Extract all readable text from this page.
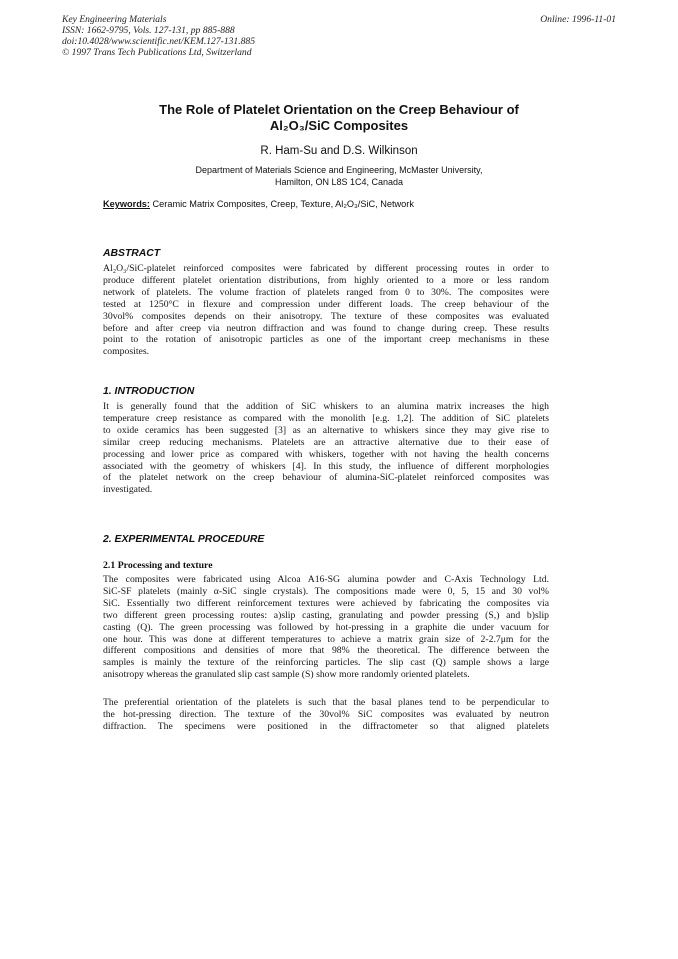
Key Engineering Materials
ISSN: 1662-9795, Vols. 127-131, pp 885-888
doi:10.4028/www.scientific.net/KEM.127-131.885
© 1997 Trans Tech Publications Ltd, Switzerland
Online: 1996-11-01
The Role of Platelet Orientation on the Creep Behaviour of
Al₂O₃/SiC Composites
R. Ham-Su and D.S. Wilkinson
Department of Materials Science and Engineering, McMaster University,
Hamilton, ON L8S 1C4, Canada
Keywords: Ceramic Matrix Composites, Creep, Texture, Al₂O₃/SiC, Network
ABSTRACT
Al₂O₃/SiC-platelet reinforced composites were fabricated by different processing routes in order to
produce different platelet orientation distributions, from highly oriented to a more or less random
network of platelets. The volume fraction of platelets ranged from 0 to 30%. The composites were
tested at 1250°C in flexure and compression under different loads. The creep behaviour of the
30vol% composites depends on their anisotropy. The texture of these composites was evaluated
before and after creep via neutron diffraction and was found to change during creep. These results
point to the rotation of anisotropic particles as one of the important creep mechanisms in these
composites.
1. INTRODUCTION
It is generally found that the addition of SiC whiskers to an alumina matrix increases the high
temperature creep resistance as compared with the monolith [e.g. 1,2]. The addition of SiC platelets
to oxide ceramics has been suggested [3] as an alternative to whiskers since they may give rise to
similar creep reducing mechanisms. Platelets are an attractive alternative due to their ease of
processing and lower price as compared with whiskers, together with not having the health concerns
associated with the geometry of whiskers [4]. In this study, the influence of different morphologies
of the platelet network on the creep behaviour of alumina-SiC-platelet reinforced composites was
investigated.
2. EXPERIMENTAL PROCEDURE
2.1 Processing and texture
The composites were fabricated using Alcoa A16-SG alumina powder and C-Axis Technology Ltd.
SiC-SF platelets (mainly α-SiC single crystals). The compositions made were 0, 5, 15 and 30 vol%
SiC. Essentially two different reinforcement textures were achieved by fabricating the composites via
two different green processing routes: a)slip casting, granulating and powder pressing (S,) and b)slip
casting (Q). The green processing was followed by hot-pressing in a graphite die under vacuum for
one hour. This was done at different temperatures to achieve a matrix grain size of 2-2.7μm for the
different compositions and densities of more that 98% the theoretical. The difference between the
samples is mainly the texture of the reinforcing particles. The slip cast (Q) sample shows a large
anisotropy whereas the granulated slip cast sample (S) show more randomly oriented platelets.
The preferential orientation of the platelets is such that the basal planes tend to be perpendicular to
the hot-pressing direction. The texture of the 30vol% SiC composites was evaluated by neutron
diffraction. The specimens were positioned in the diffractometer so that aligned platelets
